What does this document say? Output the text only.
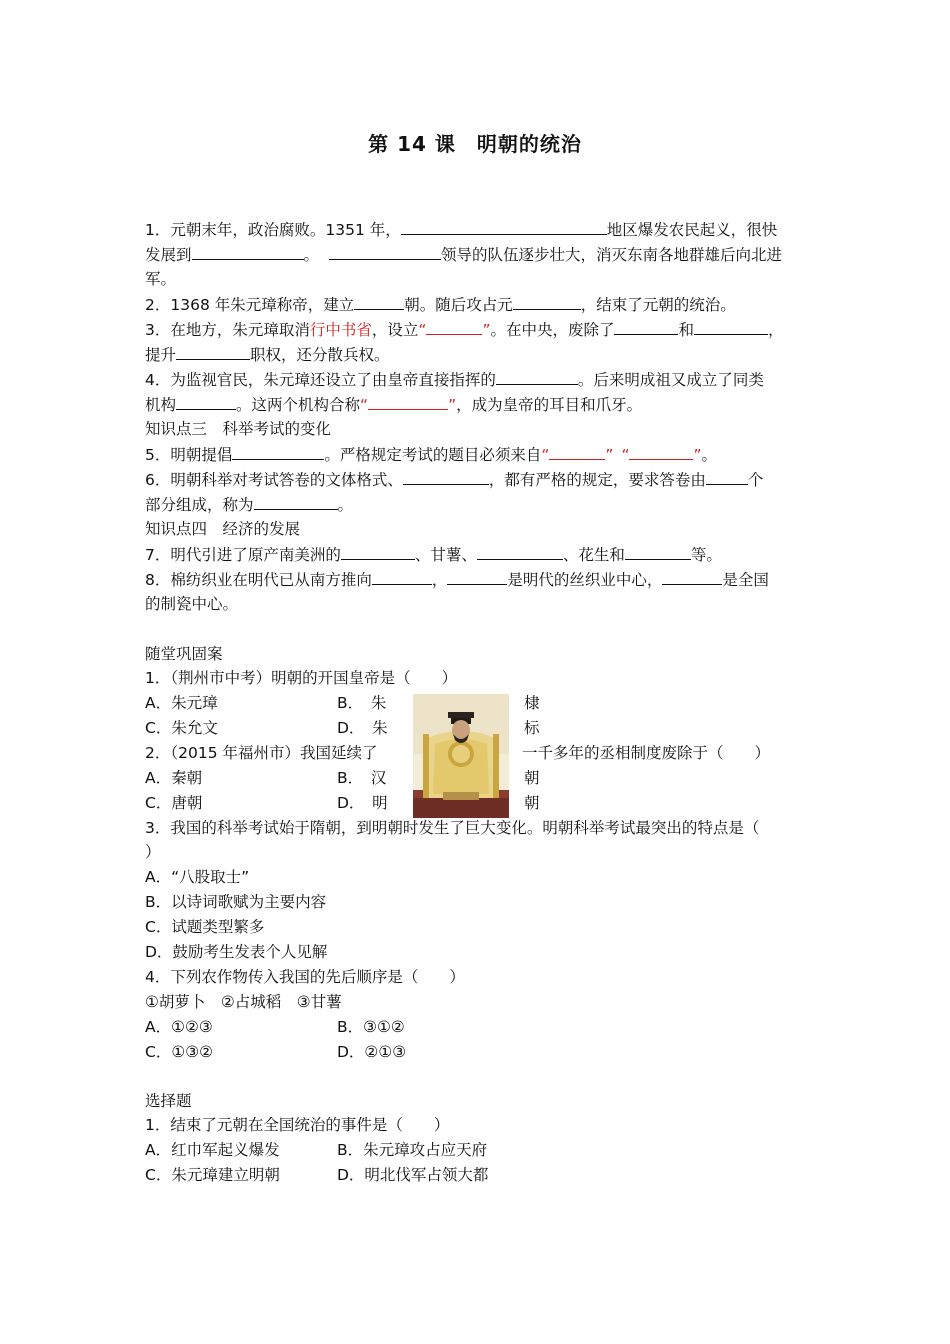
第 14 课　明朝的统治
1．元朝末年，政治腐败。1351 年，	地区爆发农民起义，很快
发展到	。	领导的队伍逐步壮大，消灭东南各地群雄后向北进
军。
2．1368 年朱元璋称帝，建立	朝。随后攻占元	，结束了元朝的统治。
3．在地方，朱元璋取消行中书省，设立“	”。在中央，废除了	和	，
提升	职权，还分散兵权。
4．为监视官民，朱元璋还设立了由皇帝直接指挥的	。后来明成祖又成立了同类
机构	。这两个机构合称“	”，成为皇帝的耳目和爪牙。
知识点三　科举考试的变化
5．明朝提倡	。严格规定考试的题目必须来自“	” “	”。
6．明朝科举对考试答卷的文体格式、	，都有严格的规定，要求答卷由	个
部分组成，称为	。
知识点四　经济的发展
7．明代引进了原产南美洲的	、甘薯、	、花生和	等。
8．棉纺织业在明代已从南方推向	，	是明代的丝织业中心，	是全国
的制瓷中心。
随堂巩固案
1．（荆州市中考）明朝的开国皇帝是（　　）
A．朱元璋	B．　朱	棣
C．朱允文	D．　朱	标
2．（2015 年福州市）我国延续了	一千多年的丞相制度废除于（　　）
A．秦朝	B．　汉	朝
C．唐朝	D．　明	朝
3．我国的科举考试始于隋朝，到明朝时发生了巨大变化。明朝科举考试最突出的特点是（
）
A．“八股取士”
B．以诗词歌赋为主要内容
C．试题类型繁多
D．鼓励考生发表个人见解
4．下列农作物传入我国的先后顺序是（　　）
①胡萝卜　②占城稻　③甘薯
A．①②③	B．③①②
C．①③②	D．②①③
选择题
1．结束了元朝在全国统治的事件是（　　）
A．红巾军起义爆发	B．朱元璋攻占应天府
C．朱元璋建立明朝	D．明北伐军占领大都
